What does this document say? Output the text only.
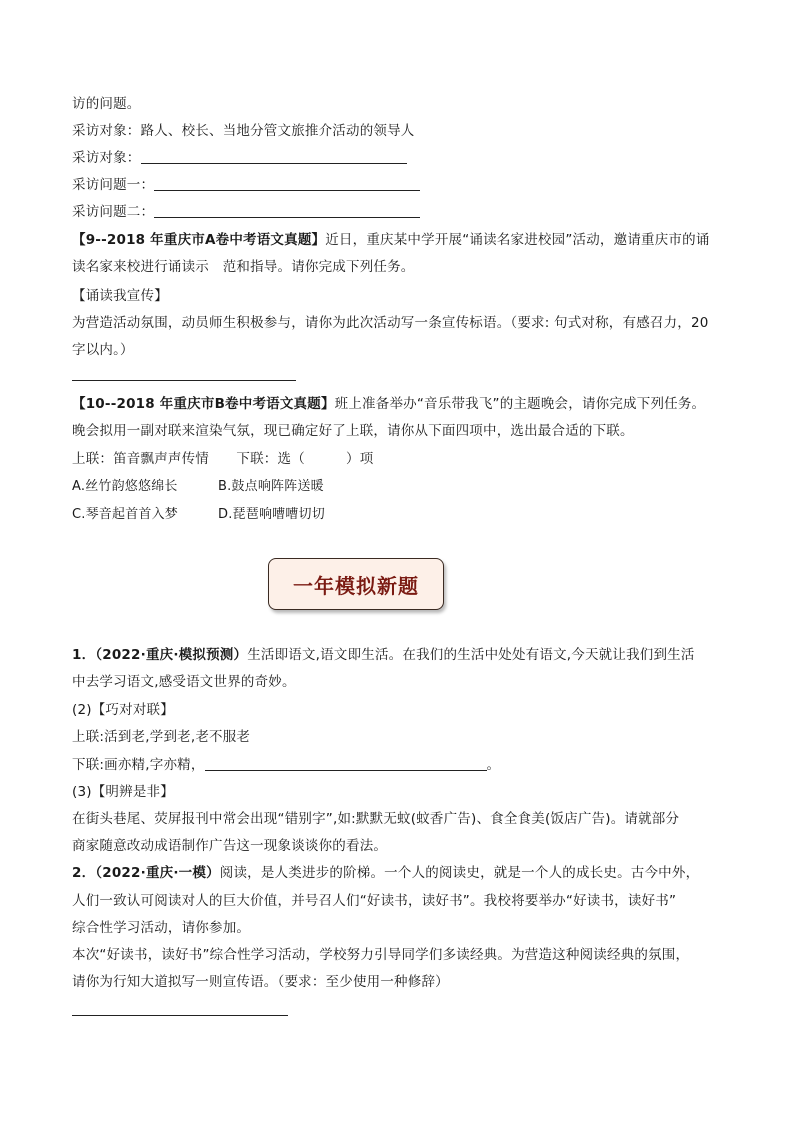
访的问题。
采访对象：路人、校长、当地分管文旅推介活动的领导人
采访对象：
采访问题一：
采访问题二：
【9--2018 年重庆市A卷中考语文真题】近日，重庆某中学开展“诵读名家进校园”活动，邀请重庆市的诵
读名家来校进行诵读示　范和指导。请你完成下列任务。
【诵读我宣传】
为营造活动氛围，动员师生积极参与，请你为此次活动写一条宣传标语。（要求: 句式对称，有感召力，20
字以内。）
【10--2018 年重庆市B卷中考语文真题】班上准备举办“音乐带我飞”的主题晚会，请你完成下列任务。
晚会拟用一副对联来渲染气氛，现已确定好了上联，请你从下面四项中，选出最合适的下联。
上联：笛音飘声声传情　　下联：选（　　　）项
A.丝竹韵悠悠绵长	B.鼓点响阵阵送暖
C.琴音起首首入梦	D.琵琶响嘈嘈切切
一年模拟新题
1．（2022·重庆·模拟预测）生活即语文,语文即生活。在我们的生活中处处有语文,今天就让我们到生活
中去学习语文,感受语文世界的奇妙。
(2)【巧对对联】
上联:活到老,学到老,老不服老
下联:画亦精,字亦精，	。
(3)【明辨是非】
在街头巷尾、荧屏报刊中常会出现“错别字”,如:默默无蚊(蚊香广告)、食全食美(饭店广告)。请就部分
商家随意改动成语制作广告这一现象谈谈你的看法。
2．（2022·重庆·一模）阅读，是人类进步的阶梯。一个人的阅读史，就是一个人的成长史。古今中外，
人们一致认可阅读对人的巨大价值，并号召人们“好读书，读好书”。我校将要举办“好读书，读好书”
综合性学习活动，请你参加。
本次“好读书，读好书”综合性学习活动，学校努力引导同学们多读经典。为营造这种阅读经典的氛围，
请你为行知大道拟写一则宣传语。（要求：至少使用一种修辞）
